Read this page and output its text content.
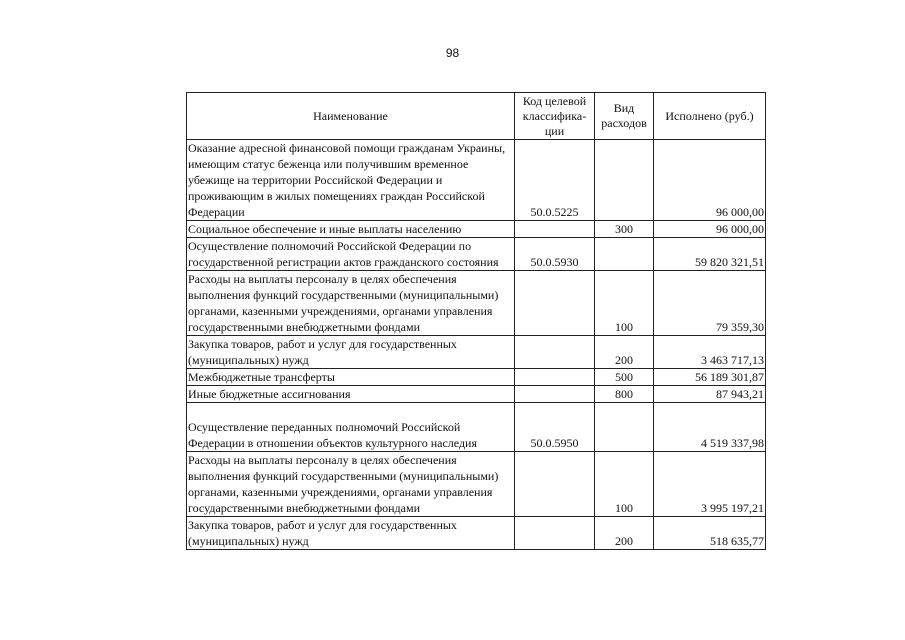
98
Наименование	Код целевой классифика-ции	Вид расходов	Исполнено (руб.)
Оказание адресной финансовой помощи гражданам Украины, имеющим статус беженца или получившим временное убежище на территории Российской Федерации и проживающим в жилых помещениях граждан Российской Федерации	50.0.5225		96 000,00
Социальное обеспечение и иные выплаты населению		300	96 000,00
Осуществление полномочий Российской Федерации по государственной регистрации актов гражданского состояния	50.0.5930		59 820 321,51
Расходы на выплаты персоналу в целях обеспечения выполнения функций государственными (муниципальными) органами, казенными учреждениями, органами управления государственными внебюджетными фондами		100	79 359,30
Закупка товаров, работ и услуг для государственных (муниципальных) нужд		200	3 463 717,13
Межбюджетные трансферты		500	56 189 301,87
Иные бюджетные ассигнования		800	87 943,21

Осуществление переданных полномочий Российской Федерации в отношении объектов культурного наследия	50.0.5950		4 519 337,98
Расходы на выплаты персоналу в целях обеспечения выполнения функций государственными (муниципальными) органами, казенными учреждениями, органами управления государственными внебюджетными фондами		100	3 995 197,21
Закупка товаров, работ и услуг для государственных (муниципальных) нужд		200	518 635,77
